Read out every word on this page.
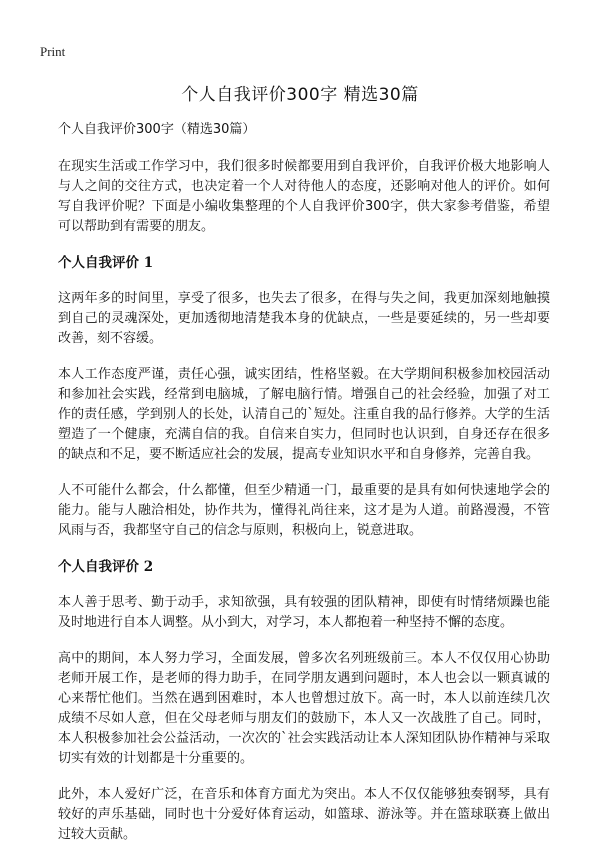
Print
个人自我评价300字 精选30篇

个人自我评价300字（精选30篇）

在现实生活或工作学习中，我们很多时候都要用到自我评价，自我评价极大地影响人与人之间的交往方式，也决定着一个人对待他人的态度，还影响对他人的评价。如何写自我评价呢？下面是小编收集整理的个人自我评价300字，供大家参考借鉴，希望可以帮助到有需要的朋友。

个人自我评价 1

这两年多的时间里，享受了很多，也失去了很多，在得与失之间，我更加深刻地触摸到自己的灵魂深处，更加透彻地清楚我本身的优缺点，一些是要延续的，另一些却要改善，刻不容缓。

本人工作态度严谨，责任心强，诚实团结，性格坚毅。在大学期间积极参加校园活动和参加社会实践，经常到电脑城，了解电脑行情。增强自己的社会经验，加强了对工作的责任感，学到别人的长处，认清自己的`短处。注重自我的品行修养。大学的生活塑造了一个健康，充满自信的我。自信来自实力，但同时也认识到，自身还存在很多的缺点和不足，要不断适应社会的发展，提高专业知识水平和自身修养，完善自我。

人不可能什么都会，什么都懂，但至少精通一门，最重要的是具有如何快速地学会的能力。能与人融洽相处，协作共为，懂得礼尚往来，这才是为人道。前路漫漫，不管风雨与否，我都坚守自己的信念与原则，积极向上，锐意进取。

个人自我评价 2

本人善于思考、勤于动手，求知欲强，具有较强的团队精神，即使有时情绪烦躁也能及时地进行自本人调整。从小到大，对学习，本人都抱着一种坚持不懈的态度。

高中的期间，本人努力学习，全面发展，曾多次名列班级前三。本人不仅仅用心协助老师开展工作，是老师的得力助手，在同学朋友遇到问题时，本人也会以一颗真诚的心来帮忙他们。当然在遇到困难时，本人也曾想过放下。高一时，本人以前连续几次成绩不尽如人意，但在父母老师与朋友们的鼓励下，本人又一次战胜了自己。同时，本人积极参加社会公益活动，一次次的`社会实践活动让本人深知团队协作精神与采取切实有效的计划都是十分重要的。

此外，本人爱好广泛，在音乐和体育方面尤为突出。本人不仅仅能够独奏钢琴，具有较好的声乐基础，同时也十分爱好体育运动，如篮球、游泳等。并在篮球联赛上做出过较大贡献。
